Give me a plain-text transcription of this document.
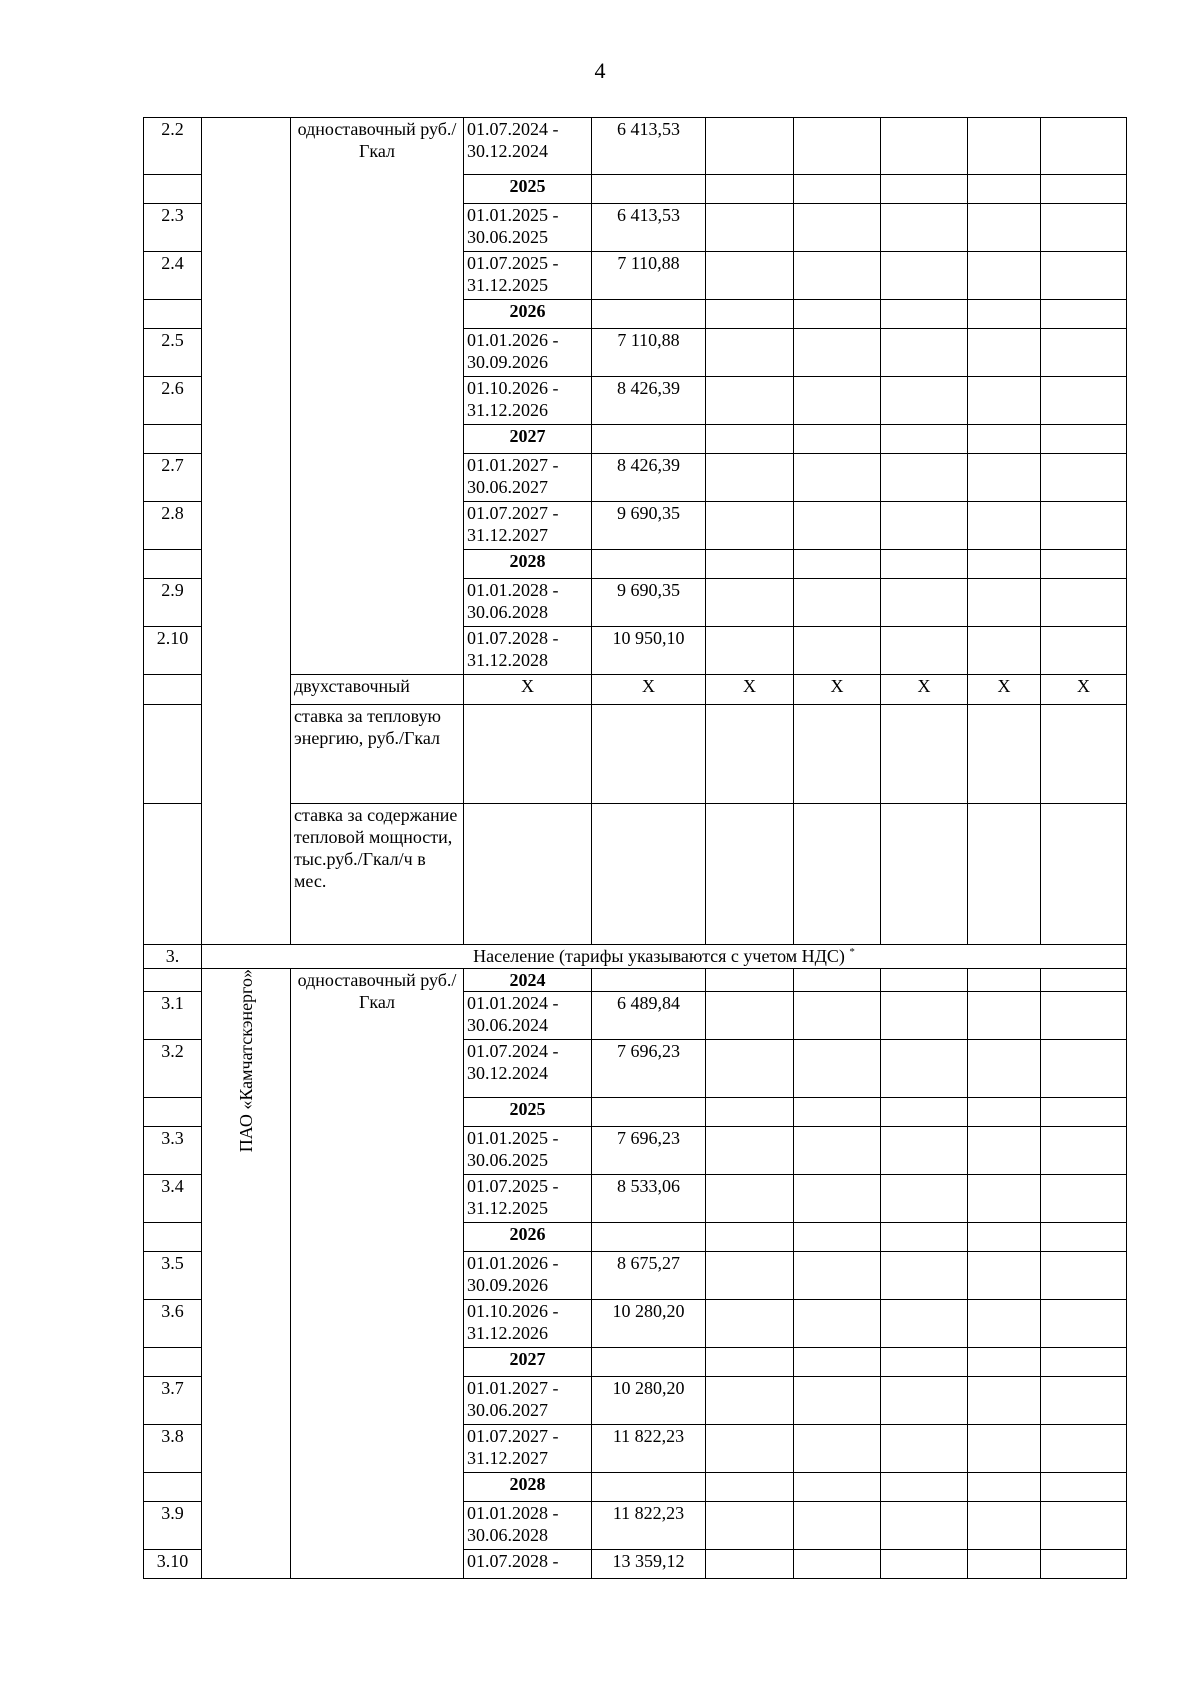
4
2.2		одноставочный руб./Гкал	01.07.2024 - 30.12.2024	6 413,53					
			2025						
2.3			01.01.2025 - 30.06.2025	6 413,53					
2.4			01.07.2025 - 31.12.2025	7 110,88					
			2026						
2.5			01.01.2026 - 30.09.2026	7 110,88					
2.6			01.10.2026 - 31.12.2026	8 426,39					
			2027						
2.7			01.01.2027 - 30.06.2027	8 426,39					
2.8			01.07.2027 - 31.12.2027	9 690,35					
			2028						
2.9			01.01.2028 - 30.06.2028	9 690,35					
2.10			01.07.2028 - 31.12.2028	10 950,10					
		двухставочный	X	X	X	X	X	X	X
		ставка за тепловую энергию, руб./Гкал							
		ставка за содержание тепловой мощности, тыс.руб./Гкал/ч в мес.							
3.	Население (тарифы указываются с учетом НДС) *
	ПАО «Камчатскэнерго»	одноставочный руб./Гкал	2024						
3.1			01.01.2024 - 30.06.2024	6 489,84					
3.2			01.07.2024 - 30.12.2024	7 696,23					
			2025						
3.3			01.01.2025 - 30.06.2025	7 696,23					
3.4			01.07.2025 - 31.12.2025	8 533,06					
			2026						
3.5			01.01.2026 - 30.09.2026	8 675,27					
3.6			01.10.2026 - 31.12.2026	10 280,20					
			2027						
3.7			01.01.2027 - 30.06.2027	10 280,20					
3.8			01.07.2027 - 31.12.2027	11 822,23					
			2028						
3.9			01.01.2028 - 30.06.2028	11 822,23					
3.10			01.07.2028 -	13 359,12					
